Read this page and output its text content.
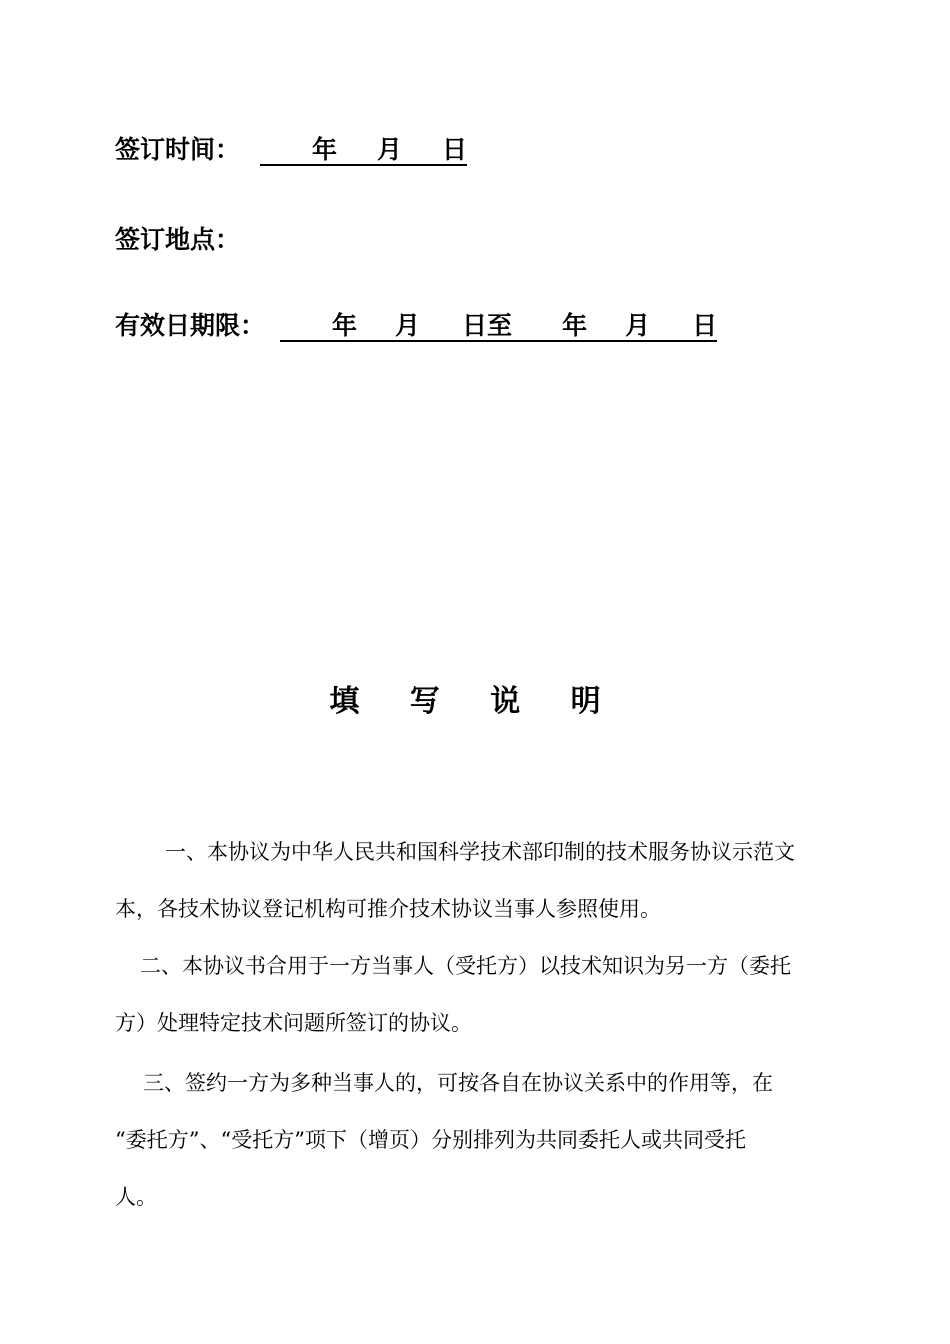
签订时间：	年 月 日
签订地点：
有效日期限：	年 月 日至 年 月 日
填 写 说 明
一、本协议为中华人民共和国科学技术部印制的技术服务协议示范文
本，各技术协议登记机构可推介技术协议当事人参照使用。
二、本协议书合用于一方当事人（受托方）以技术知识为另一方（委托
方）处理特定技术问题所签订的协议。
三、签约一方为多种当事人的，可按各自在协议关系中的作用等，在
“委托方”、“受托方”项下（增页）分别排列为共同委托人或共同受托
人。
